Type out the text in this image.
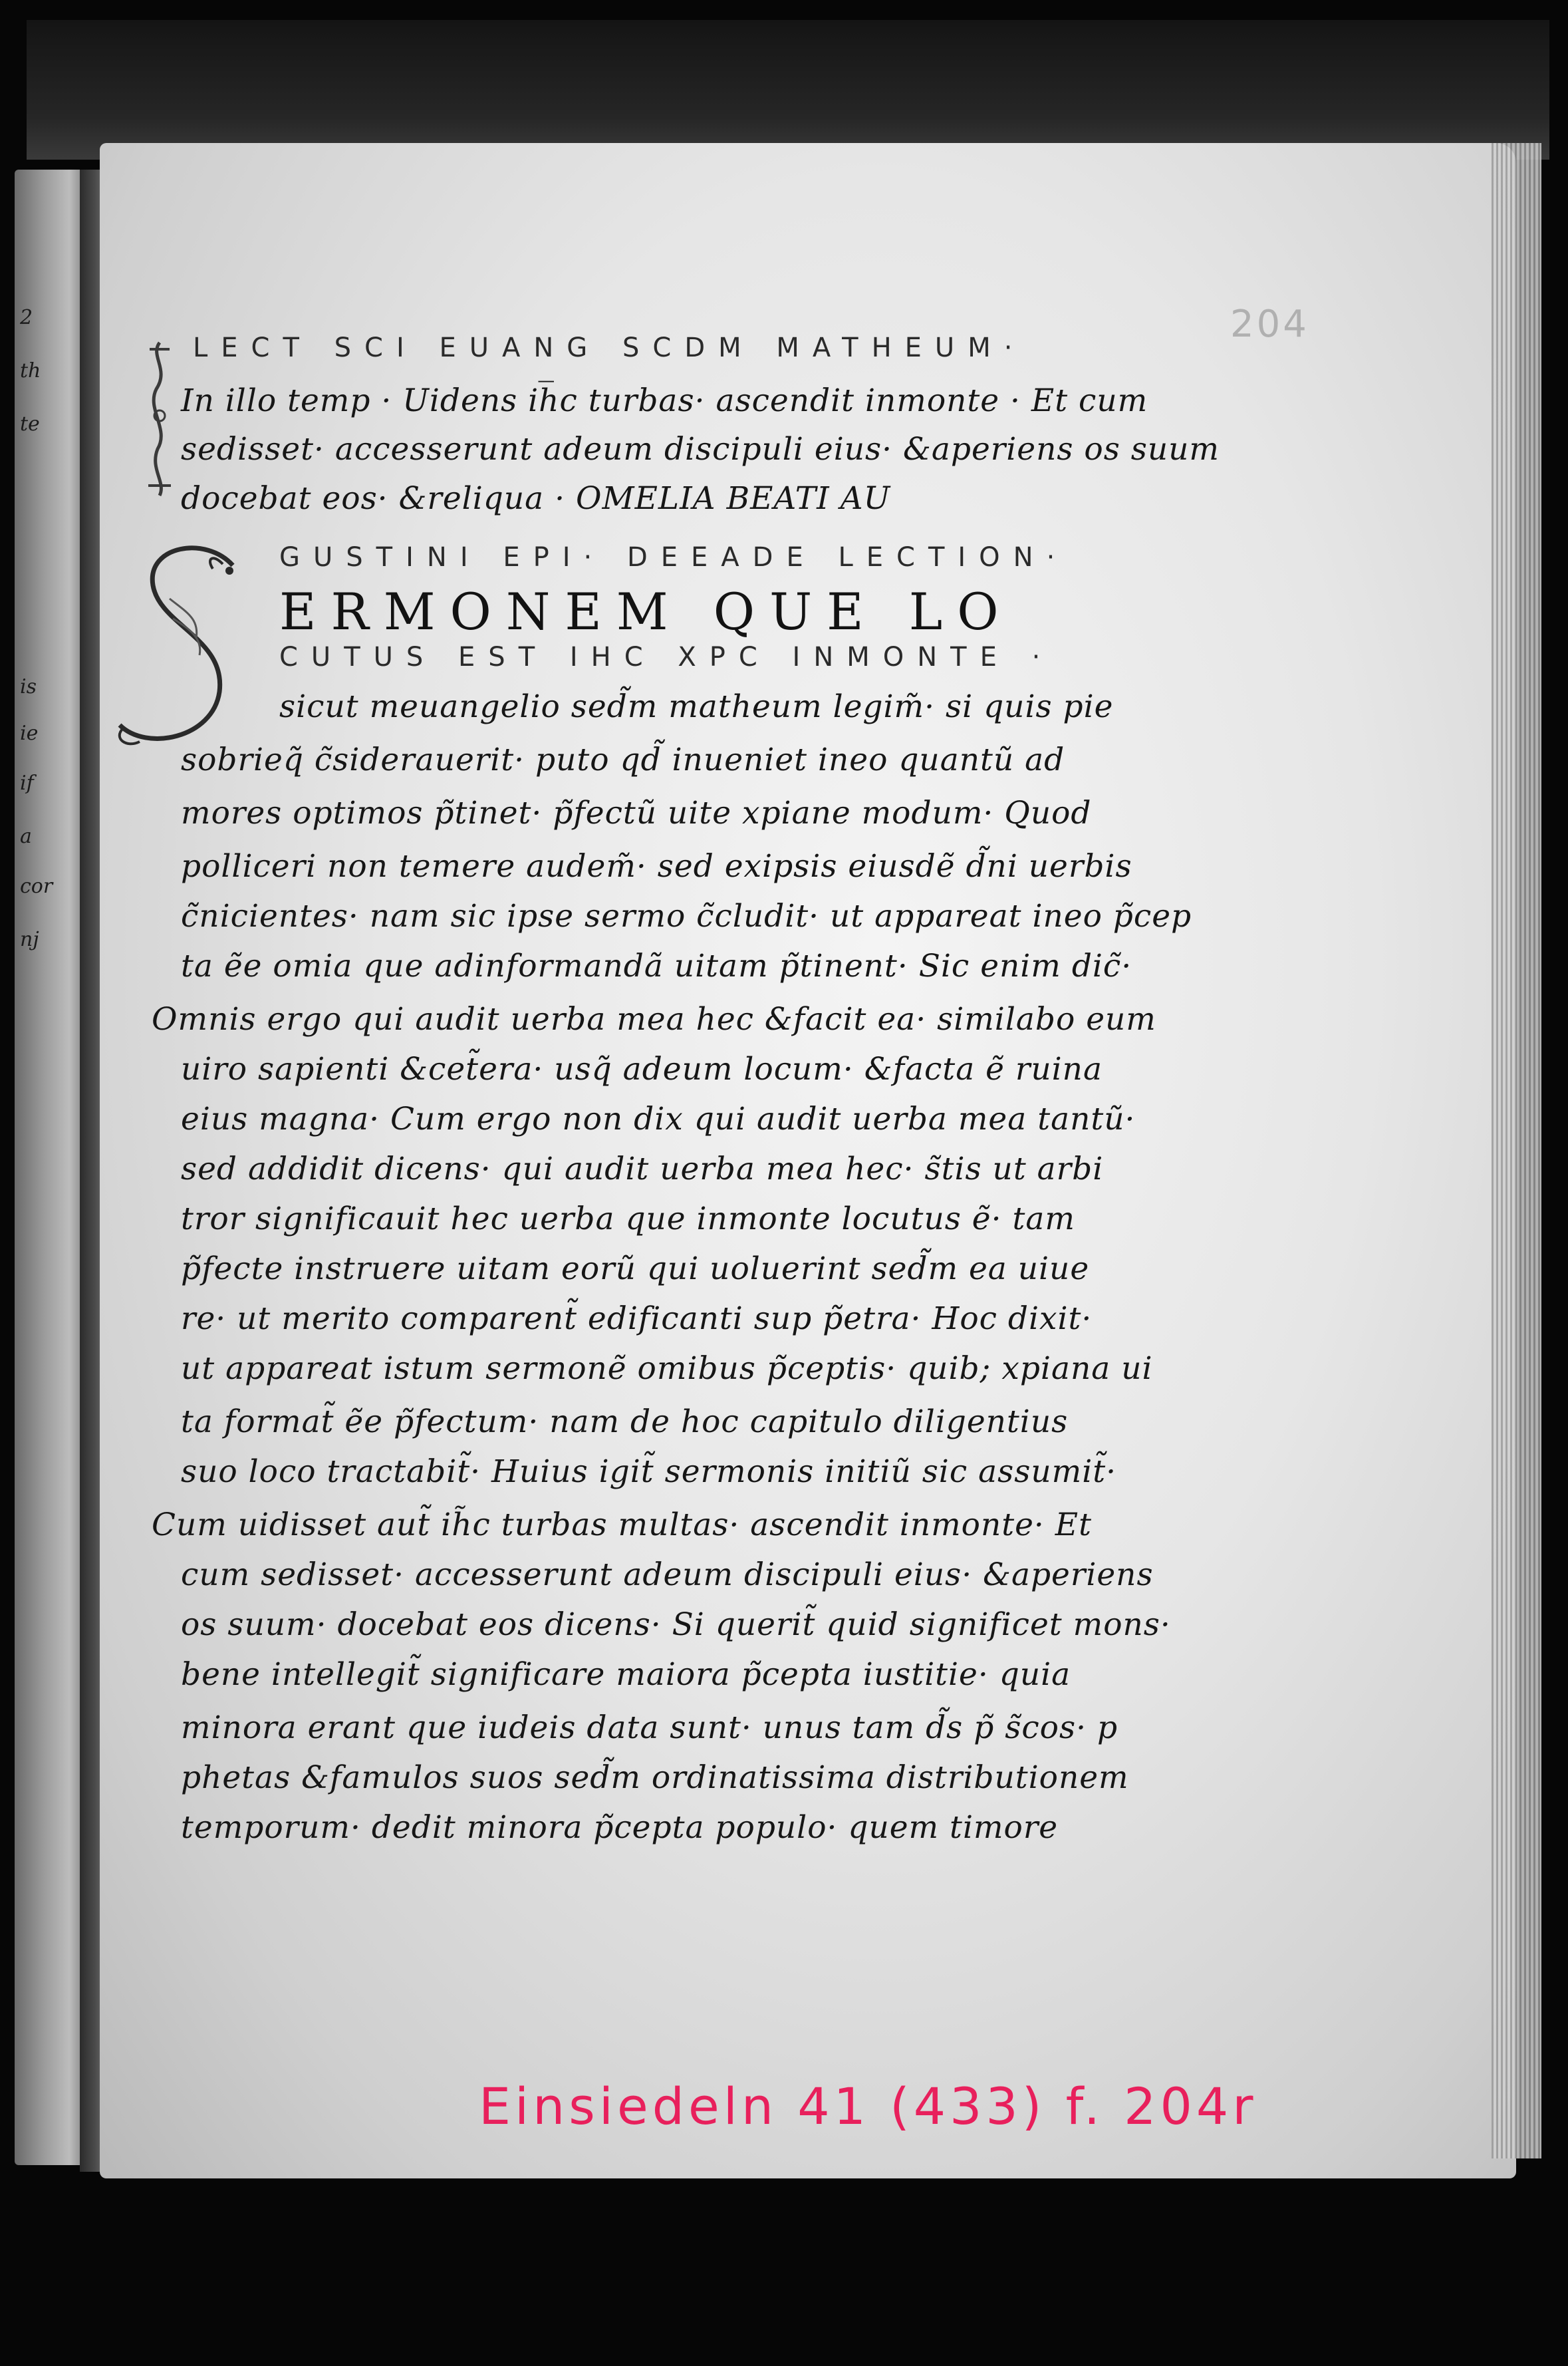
2
th
te
is
ie
if
a
cor
nj
204
LECT SCI EUANG SCDM MATHEUM·
In illo temp · Uidens ih̅c turbas· ascendit inmonte · Et cum
sedisset· accesserunt adeum discipuli eius· &aperiens os suum
docebat eos· &reliqua · OMELIA BEATI AU
GUSTINI EPI· DEEADE LECTION·
ERMONEM QUE LO
CUTUS EST IHC XPC INMONTE ·
sicut meuangelio sed̃m matheum legim̃· si quis pie
sobrieq̃ c̃siderauerit· puto qd̃ inueniet ineo quantũ ad
mores optimos p̃tinet· p̃fectũ uite xpiane modum· Quod
polliceri non temere audem̃· sed exipsis eiusdẽ d̃ni uerbis
c̃nicientes· nam sic ipse sermo c̃cludit· ut appareat ineo p̃cep
ta ẽe omia que adinformandã uitam p̃tinent· Sic enim dic̃·
Omnis ergo qui audit uerba mea hec &facit ea· similabo eum
uiro sapienti &cet̃era· usq̃ adeum locum· &facta ẽ ruina
eius magna· Cum ergo non dix qui audit uerba mea tantũ·
sed addidit dicens· qui audit uerba mea hec· s̃tis ut arbi
tror significauit hec uerba que inmonte locutus ẽ· tam
p̃fecte instruere uitam eorũ qui uoluerint sed̃m ea uiue
re· ut merito comparent̃ edificanti sup p̃etra· Hoc dixit·
ut appareat istum sermonẽ omibus p̃ceptis· quib; xpiana ui
ta format̃ ẽe p̃fectum· nam de hoc capitulo diligentius
suo loco tractabit̃· Huius igit̃ sermonis initiũ sic assumit̃·
Cum uidisset aut̃ ih̃c turbas multas· ascendit inmonte· Et
cum sedisset· accesserunt adeum discipuli eius· &aperiens
os suum· docebat eos dicens· Si querit̃ quid significet mons·
bene intellegit̃ significare maiora p̃cepta iustitie· quia
minora erant que iudeis data sunt· unus tam d̃s p̃ s̃cos· p
phetas &famulos suos sed̃m ordinatissima distributionem
temporum· dedit minora p̃cepta populo· quem timore
Einsiedeln 41 (433) f. 204r
